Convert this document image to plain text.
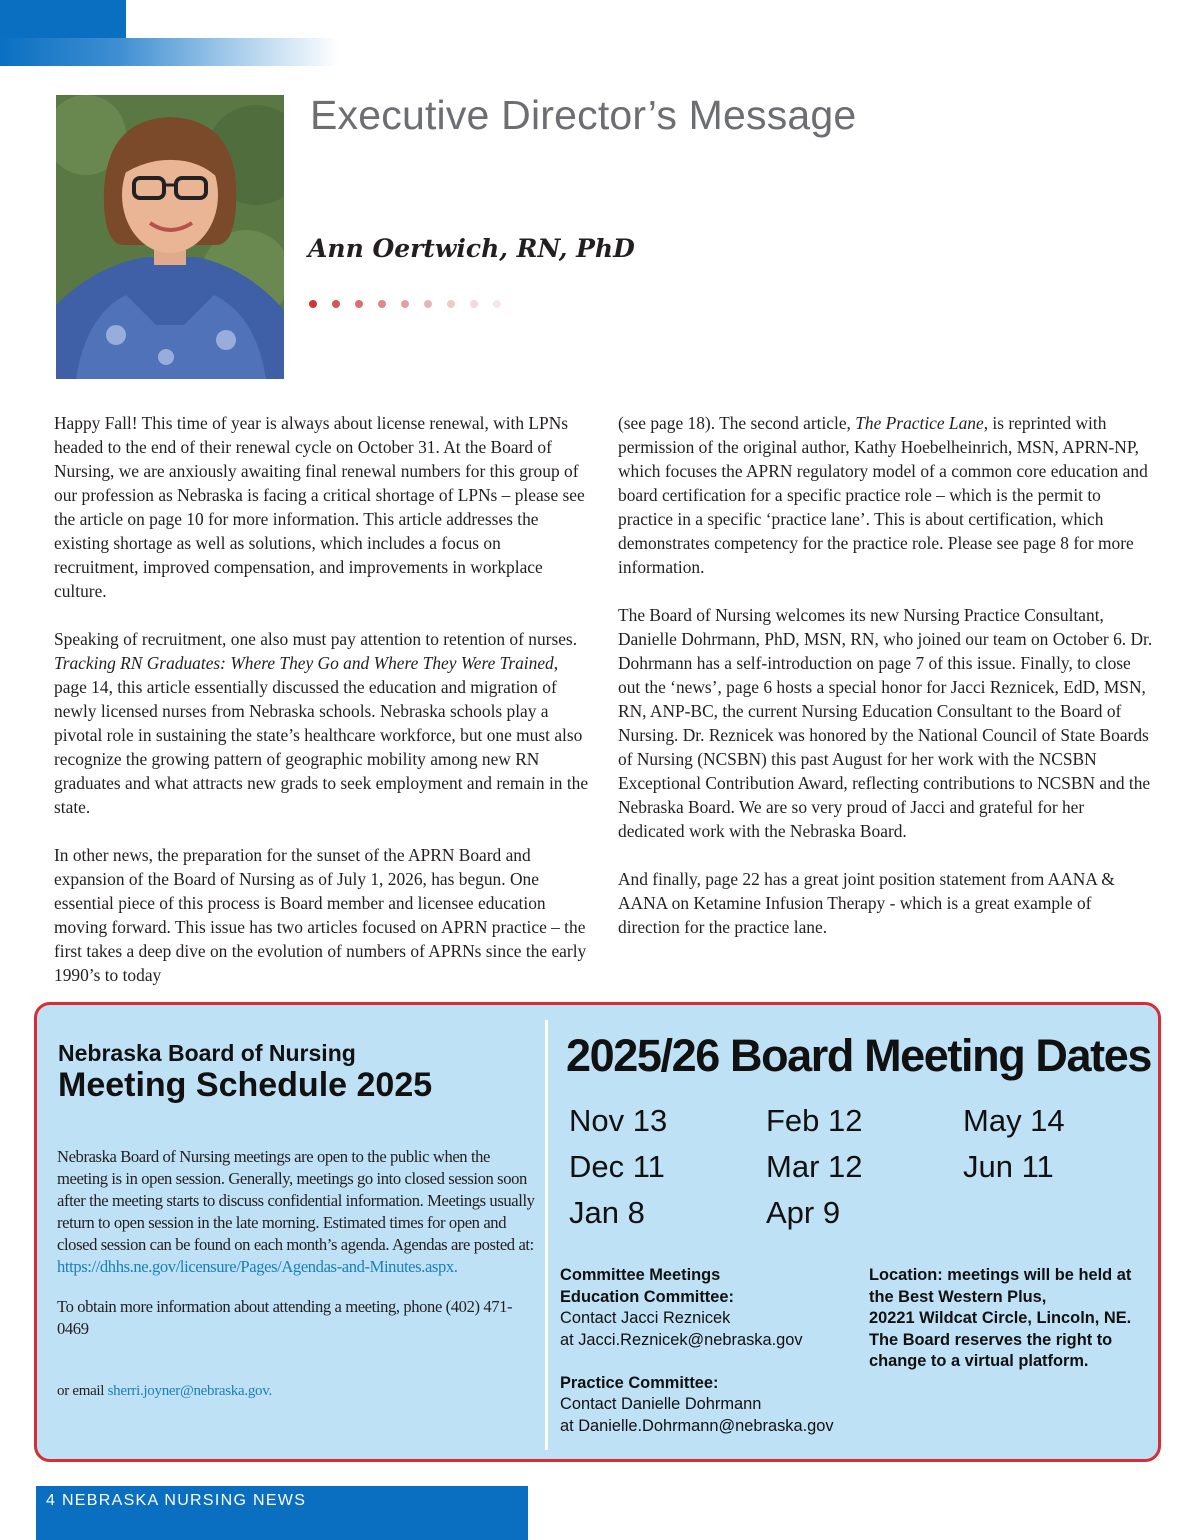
Executive Director’s Message
Ann Oertwich, RN, PhD

Happy Fall! This time of year is always about license renewal, with LPNs headed to the end of their renewal cycle on October 31. At the Board of Nursing, we are anxiously awaiting final renewal numbers for this group of our profession as Nebraska is facing a critical shortage of LPNs – please see the article on page 10 for more information. This article addresses the existing shortage as well as solutions, which includes a focus on recruitment, improved compensation, and improvements in workplace culture.

Speaking of recruitment, one also must pay attention to retention of nurses. Tracking RN Graduates: Where They Go and Where They Were Trained, page 14, this article essentially discussed the education and migration of newly licensed nurses from Nebraska schools. Nebraska schools play a pivotal role in sustaining the state’s healthcare workforce, but one must also recognize the growing pattern of geographic mobility among new RN graduates and what attracts new grads to seek employment and remain in the state.

In other news, the preparation for the sunset of the APRN Board and expansion of the Board of Nursing as of July 1, 2026, has begun. One essential piece of this process is Board member and licensee education moving forward. This issue has two articles focused on APRN practice – the first takes a deep dive on the evolution of numbers of APRNs since the early 1990’s to today

(see page 18). The second article, The Practice Lane, is reprinted with permission of the original author, Kathy Hoebelheinrich, MSN, APRN-NP, which focuses the APRN regulatory model of a common core education and board certification for a specific practice role – which is the permit to practice in a specific ‘practice lane’. This is about certification, which demonstrates competency for the practice role. Please see page 8 for more information.

The Board of Nursing welcomes its new Nursing Practice Consultant, Danielle Dohrmann, PhD, MSN, RN, who joined our team on October 6. Dr. Dohrmann has a self-introduction on page 7 of this issue. Finally, to close out the ‘news’, page 6 hosts a special honor for Jacci Reznicek, EdD, MSN, RN, ANP-BC, the current Nursing Education Consultant to the Board of Nursing. Dr. Reznicek was honored by the National Council of State Boards of Nursing (NCSBN) this past August for her work with the NCSBN Exceptional Contribution Award, reflecting contributions to NCSBN and the Nebraska Board. We are so very proud of Jacci and grateful for her dedicated work with the Nebraska Board.

And finally, page 22 has a great joint position statement from AANA & AANA on Ketamine Infusion Therapy - which is a great example of direction for the practice lane.

Nebraska Board of Nursing
Meeting Schedule 2025
Nebraska Board of Nursing meetings are open to the public when the meeting is in open session. Generally, meetings go into closed session soon after the meeting starts to discuss confidential information. Meetings usually return to open session in the late morning. Estimated times for open and closed session can be found on each month’s agenda. Agendas are posted at:
https://dhhs.ne.gov/licensure/Pages/Agendas-and-Minutes.aspx.
To obtain more information about attending a meeting, phone (402) 471-0469
or email sherri.joyner@nebraska.gov.
2025/26 Board Meeting Dates
Nov 13	Feb 12	May 14
Dec 11	Mar 12	Jun 11
Jan 8	Apr 9
Committee Meetings
Education Committee:
Contact Jacci Reznicek
at Jacci.Reznicek@nebraska.gov
Practice Committee:
Contact Danielle Dohrmann
at Danielle.Dohrmann@nebraska.gov
Location: meetings will be held at
the Best Western Plus,
20221 Wildcat Circle, Lincoln, NE.
The Board reserves the right to
change to a virtual platform.
4 NEBRASKA NURSING NEWS
